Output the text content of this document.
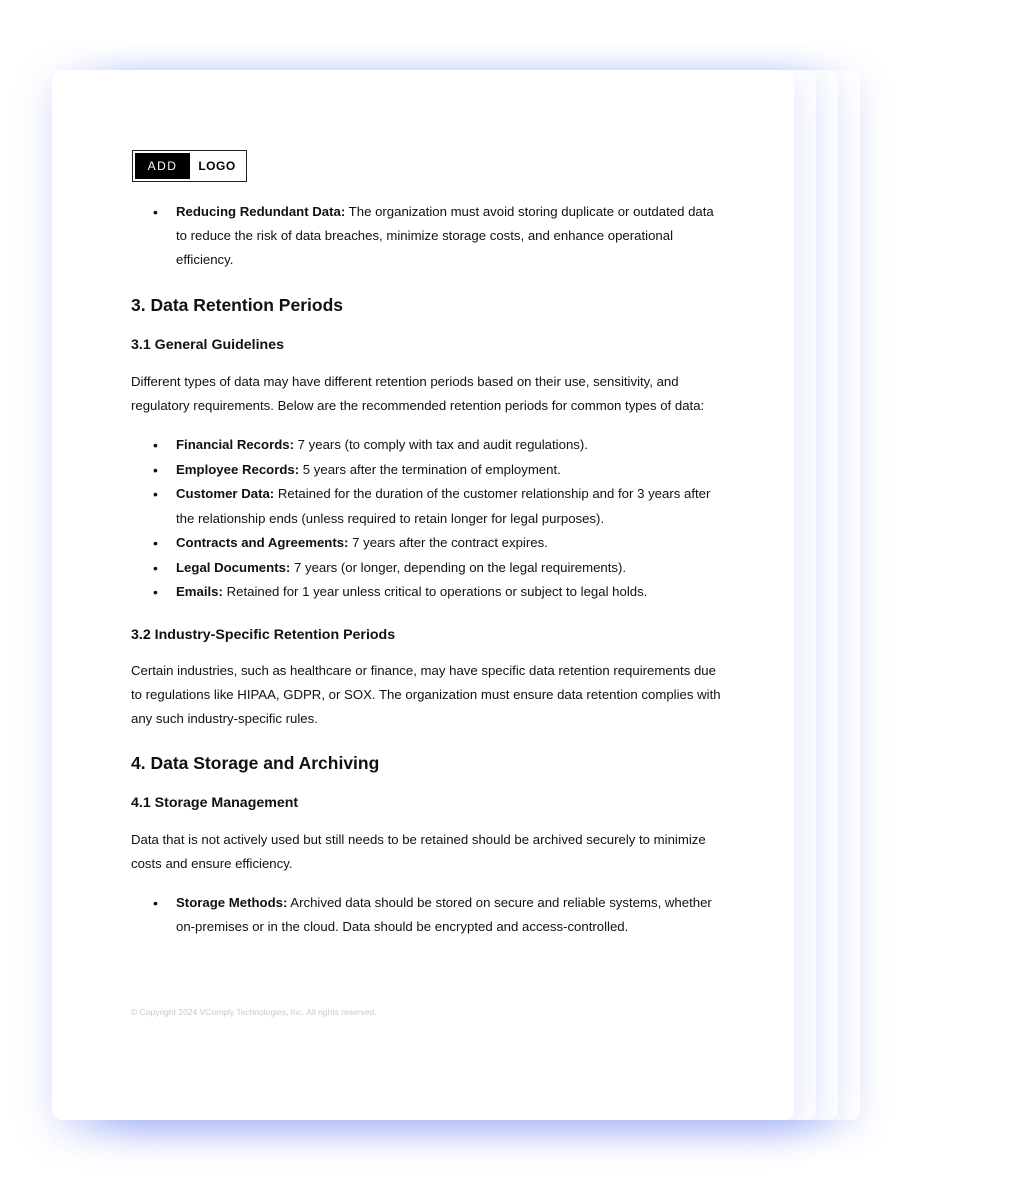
ADD	LOGO
• Reducing Redundant Data: The organization must avoid storing duplicate or outdated data to reduce the risk of data breaches, minimize storage costs, and enhance operational efficiency.
3. Data Retention Periods
3.1 General Guidelines

Different types of data may have different retention periods based on their use, sensitivity, and regulatory requirements. Below are the recommended retention periods for common types of data:

• Financial Records: 7 years (to comply with tax and audit regulations).
• Employee Records: 5 years after the termination of employment.
• Customer Data: Retained for the duration of the customer relationship and for 3 years after the relationship ends (unless required to retain longer for legal purposes).
• Contracts and Agreements: 7 years after the contract expires.
• Legal Documents: 7 years (or longer, depending on the legal requirements).
• Emails: Retained for 1 year unless critical to operations or subject to legal holds.
3.2 Industry-Specific Retention Periods

Certain industries, such as healthcare or finance, may have specific data retention requirements due to regulations like HIPAA, GDPR, or SOX. The organization must ensure data retention complies with any such industry-specific rules.

4. Data Storage and Archiving
4.1 Storage Management

Data that is not actively used but still needs to be retained should be archived securely to minimize costs and ensure efficiency.

• Storage Methods: Archived data should be stored on secure and reliable systems, whether on-premises or in the cloud. Data should be encrypted and access-controlled.
© Copyright 2024 VComply Technologies, Inc. All rights reserved.
